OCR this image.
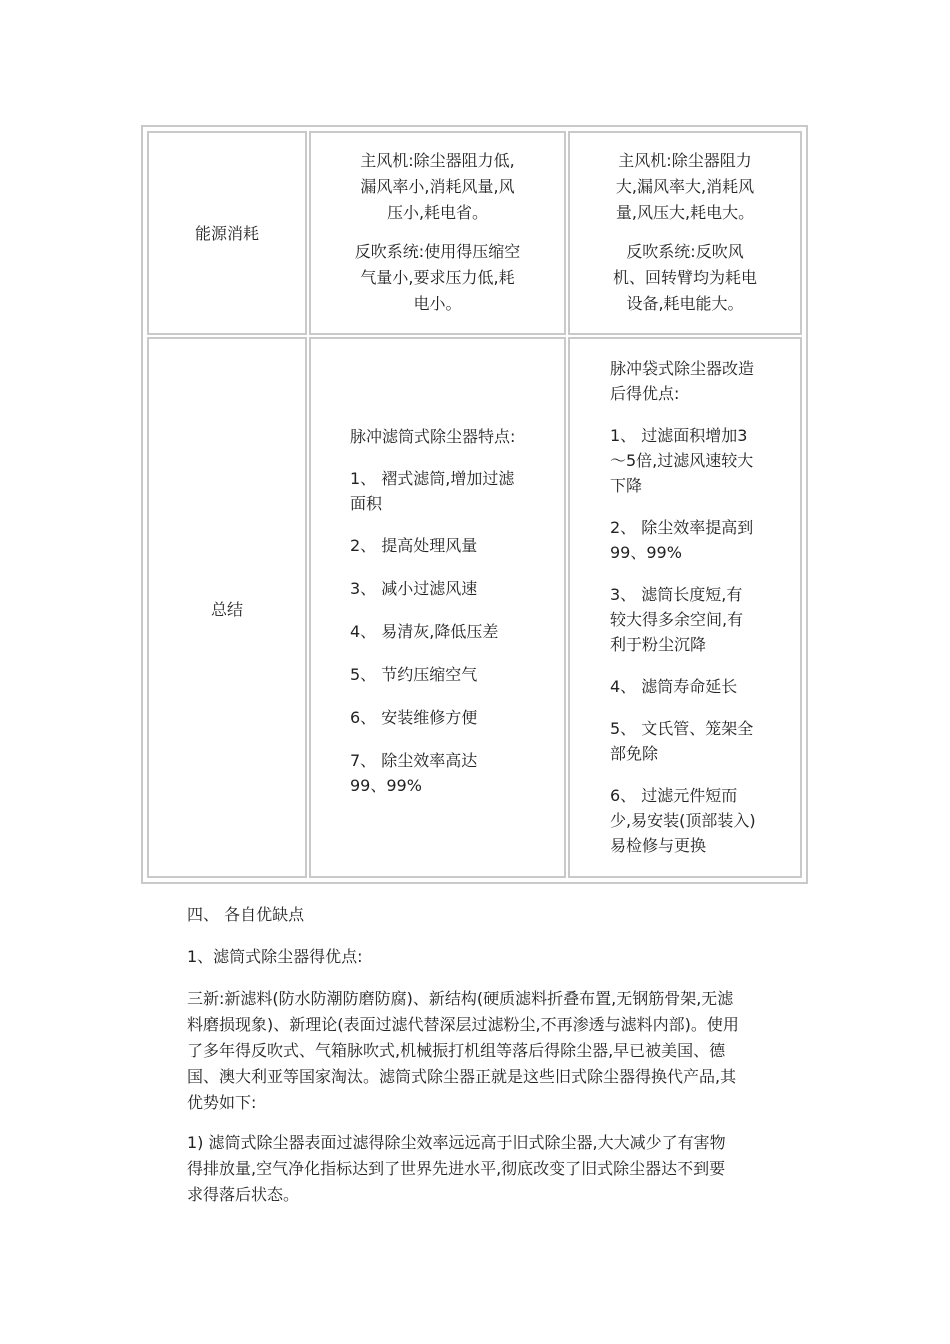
能源消耗

主风机:除尘器阻力低,

漏风率小,消耗风量,风

压小,耗电省。

反吹系统:使用得压缩空

气量小,要求压力低,耗

电小。

主风机:除尘器阻力

大,漏风率大,消耗风

量,风压大,耗电大。

反吹系统:反吹风

机、回转臂均为耗电

设备,耗电能大。

总结

脉冲滤筒式除尘器特点:

1、 褶式滤筒,增加过滤

面积

2、 提高处理风量

3、 减小过滤风速

4、 易清灰,降低压差

5、 节约压缩空气

6、 安装维修方便

7、 除尘效率高达

99、99%

脉冲袋式除尘器改造

后得优点:

1、 过滤面积增加3

～5倍,过滤风速较大

下降

2、 除尘效率提高到

99、99%

3、 滤筒长度短,有

较大得多余空间,有

利于粉尘沉降

4、 滤筒寿命延长

5、 文氏管、笼架全

部免除

6、 过滤元件短而

少,易安装(顶部装入)

易检修与更换

四、 各自优缺点
1、滤筒式除尘器得优点:

三新:新滤料(防水防潮防磨防腐)、新结构(硬质滤料折叠布置,无钢筋骨架,无滤

料磨损现象)、新理论(表面过滤代替深层过滤粉尘,不再渗透与滤料内部)。使用

了多年得反吹式、气箱脉吹式,机械振打机组等落后得除尘器,早已被美国、德

国、澳大利亚等国家淘汰。滤筒式除尘器正就是这些旧式除尘器得换代产品,其

优势如下:

1) 滤筒式除尘器表面过滤得除尘效率远远高于旧式除尘器,大大减少了有害物

得排放量,空气净化指标达到了世界先进水平,彻底改变了旧式除尘器达不到要

求得落后状态。
